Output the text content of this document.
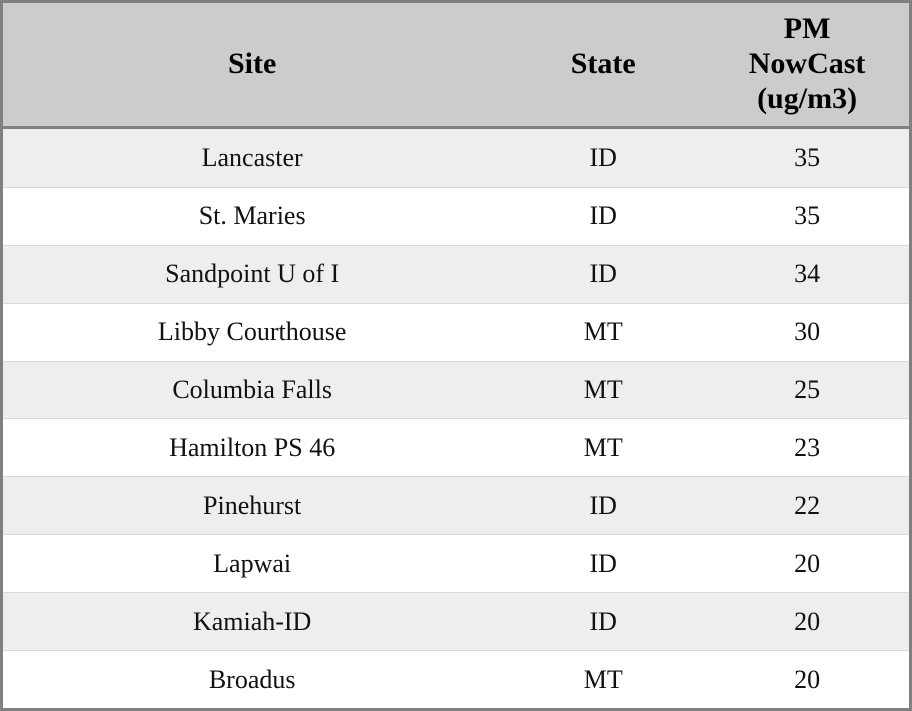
Site	State	PM
NowCast
(ug/m3)

Lancaster	ID	35
St. Maries	ID	35
Sandpoint U of I	ID	34
Libby Courthouse	MT	30
Columbia Falls	MT	25
Hamilton PS 46	MT	23
Pinehurst	ID	22
Lapwai	ID	20
Kamiah-ID	ID	20
Broadus	MT	20
